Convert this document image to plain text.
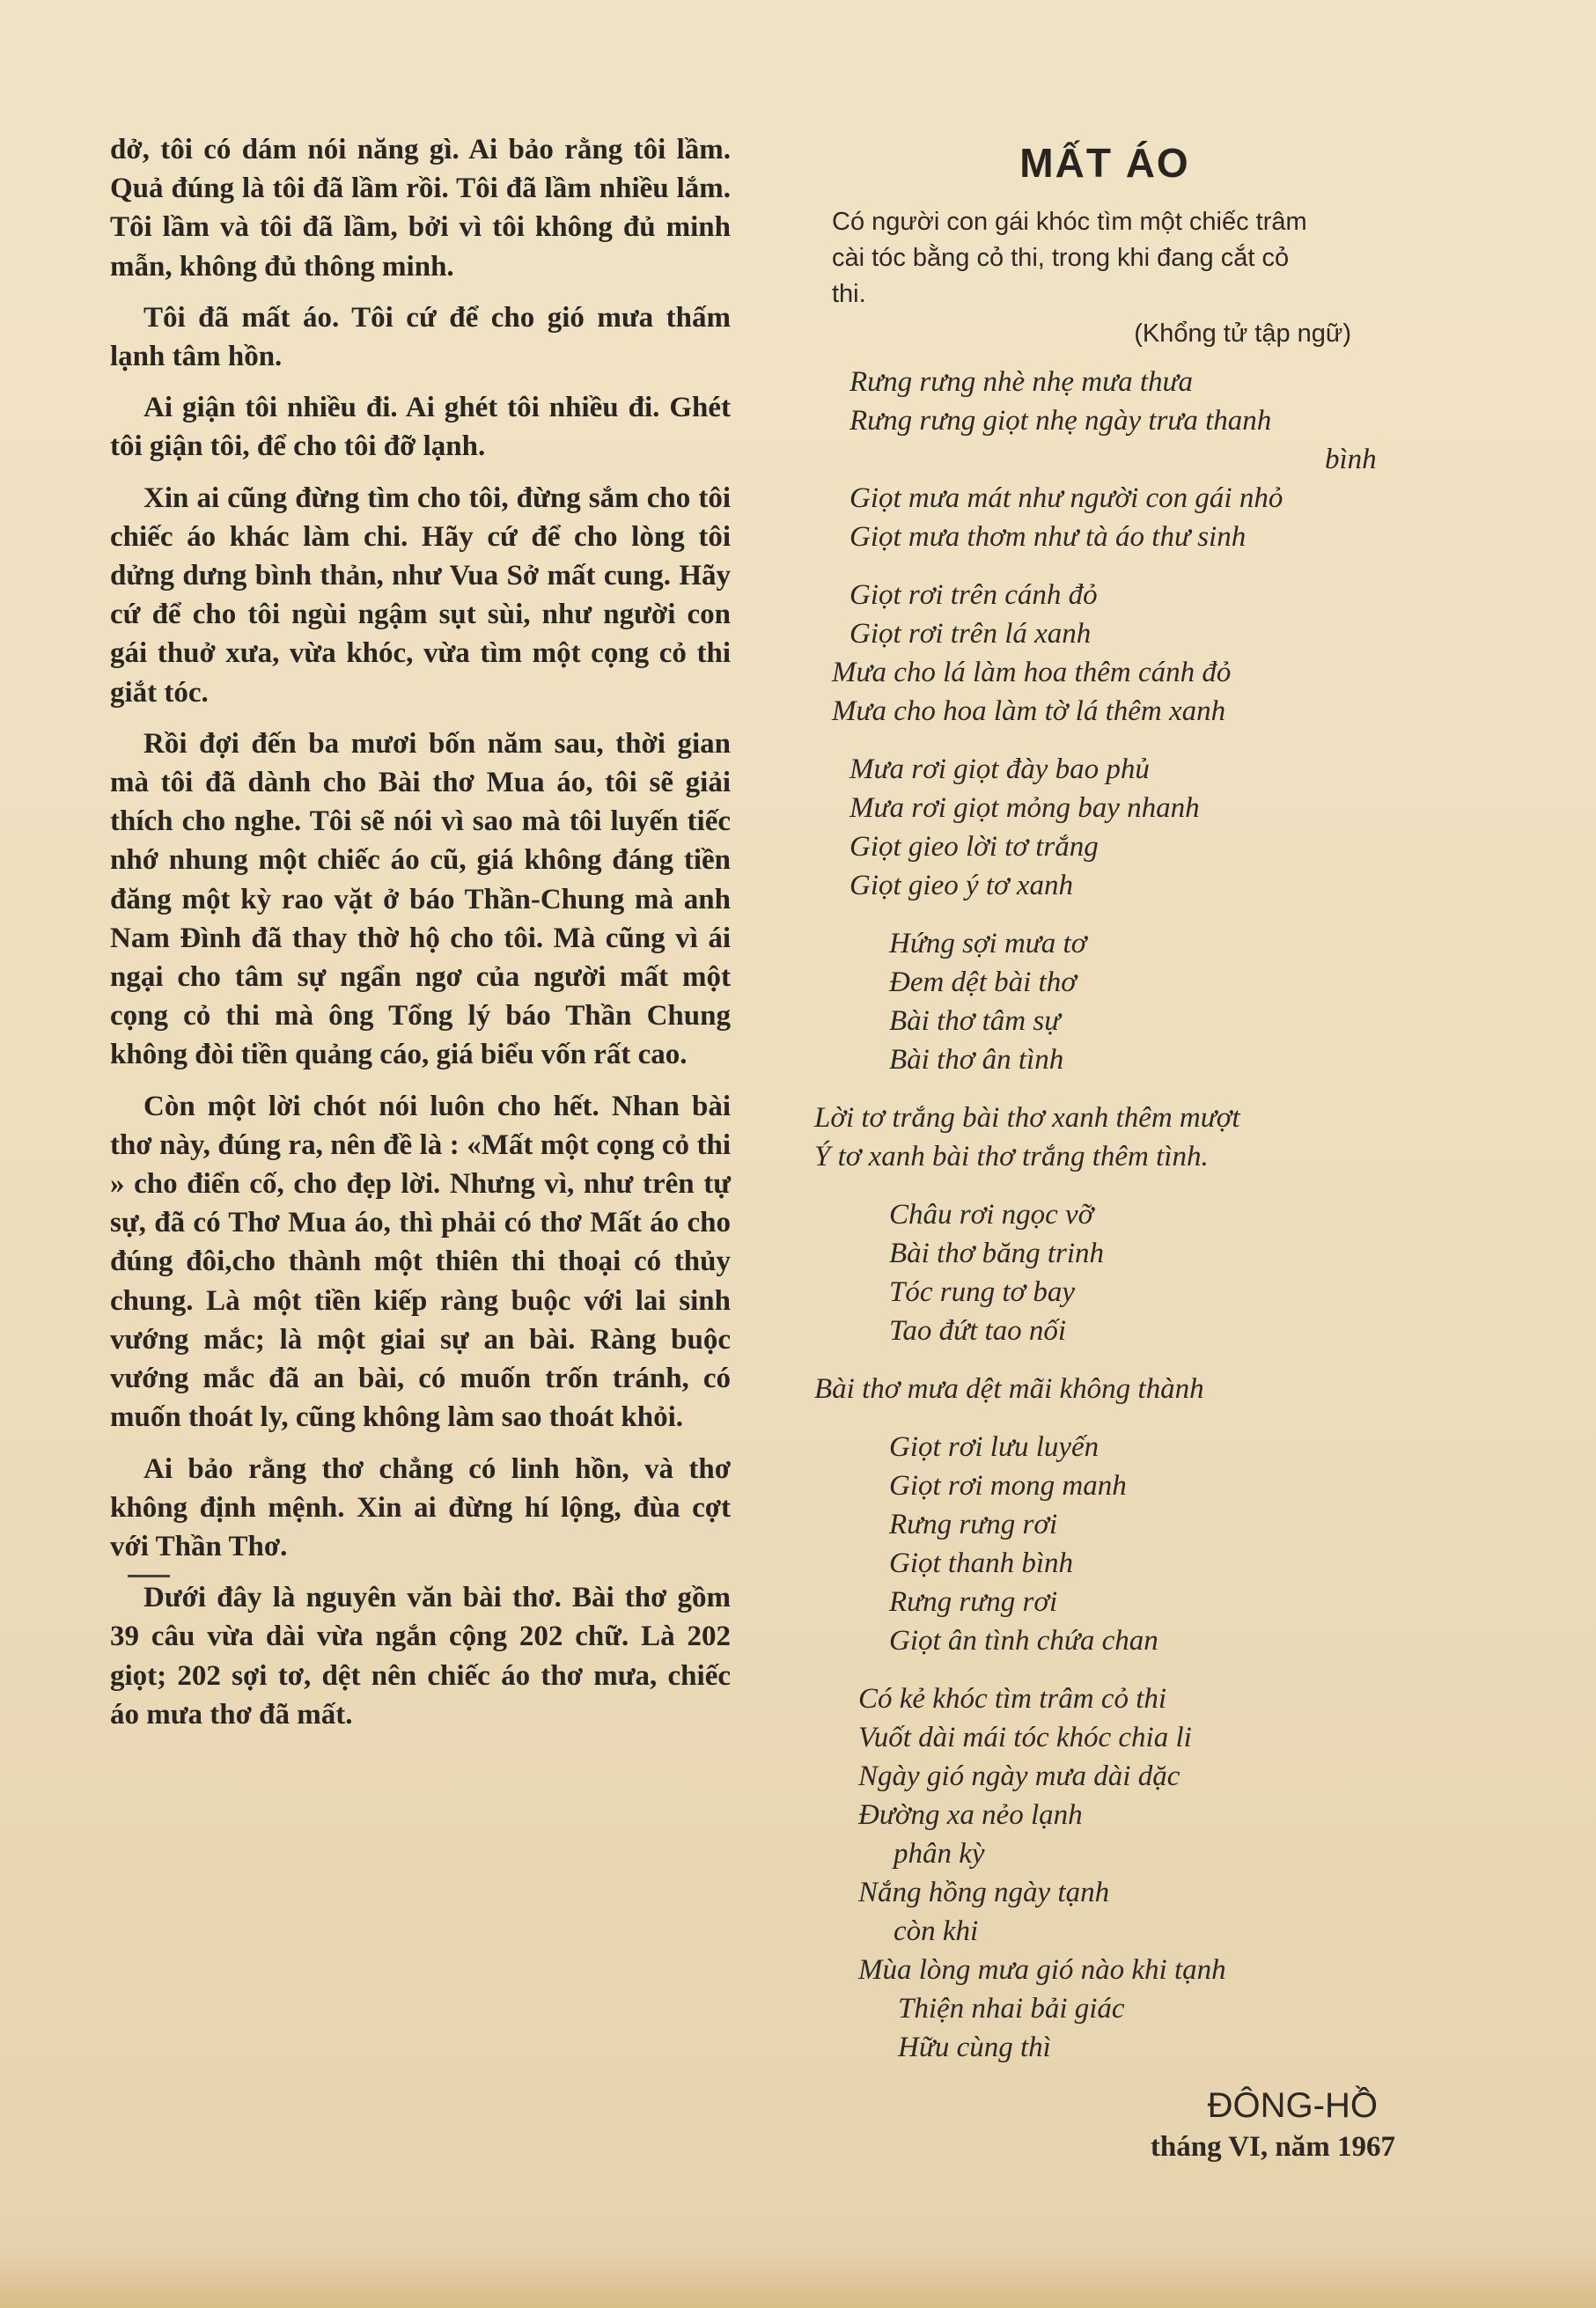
dở, tôi có dám nói năng gì. Ai bảo rằng tôi lầm. Quả đúng là tôi đã lầm rồi. Tôi đã lầm nhiều lắm. Tôi lầm và tôi đã lầm, bởi vì tôi không đủ minh mẫn, không đủ thông minh.

Tôi đã mất áo. Tôi cứ để cho gió mưa thấm lạnh tâm hồn.

Ai giận tôi nhiều đi. Ai ghét tôi nhiều đi. Ghét tôi giận tôi, để cho tôi đỡ lạnh.

Xin ai cũng đừng tìm cho tôi, đừng sắm cho tôi chiếc áo khác làm chi. Hãy cứ để cho lòng tôi dửng dưng bình thản, như Vua Sở mất cung. Hãy cứ để cho tôi ngùi ngậm sụt sùi, như người con gái thuở xưa, vừa khóc, vừa tìm một cọng cỏ thi giắt tóc.

Rồi đợi đến ba mươi bốn năm sau, thời gian mà tôi đã dành cho Bài thơ Mua áo, tôi sẽ giải thích cho nghe. Tôi sẽ nói vì sao mà tôi luyến tiếc nhớ nhung một chiếc áo cũ, giá không đáng tiền đăng một kỳ rao vặt ở báo Thần-Chung mà anh Nam Đình đã thay thờ hộ cho tôi. Mà cũng vì ái ngại cho tâm sự ngẩn ngơ của người mất một cọng cỏ thi mà ông Tổng lý báo Thần Chung không đòi tiền quảng cáo, giá biểu vốn rất cao.

Còn một lời chót nói luôn cho hết. Nhan bài thơ này, đúng ra, nên đề là : «Mất một cọng cỏ thi » cho điển cố, cho đẹp lời. Nhưng vì, như trên tự sự, đã có Thơ Mua áo, thì phải có thơ Mất áo cho đúng đôi,cho thành một thiên thi thoại có thủy chung. Là một tiền kiếp ràng buộc với lai sinh vướng mắc; là một giai sự an bài. Ràng buộc vướng mắc đã an bài, có muốn trốn tránh, có muốn thoát ly, cũng không làm sao thoát khỏi.

Ai bảo rằng thơ chẳng có linh hồn, và thơ không định mệnh. Xin ai đừng hí lộng, đùa cợt với Thần Thơ.

Dưới đây là nguyên văn bài thơ. Bài thơ gồm 39 câu vừa dài vừa ngắn cộng 202 chữ. Là 202 giọt; 202 sợi tơ, dệt nên chiếc áo thơ mưa, chiếc áo mưa thơ đã mất.

MẤT ÁO
Có người con gái khóc tìm một chiếc trâm cài tóc bằng cỏ thi, trong khi đang cắt cỏ thi.
(Khổng tử tập ngữ)
Rưng rưng nhè nhẹ mưa thưa
Rưng rưng giọt nhẹ ngày trưa thanh
bình
Giọt mưa mát như người con gái nhỏ
Giọt mưa thơm như tà áo thư sinh
Giọt rơi trên cánh đỏ
Giọt rơi trên lá xanh
Mưa cho lá làm hoa thêm cánh đỏ
Mưa cho hoa làm tờ lá thêm xanh
Mưa rơi giọt đày bao phủ
Mưa rơi giọt mỏng bay nhanh
Giọt gieo lời tơ trắng
Giọt gieo ý tơ xanh
Hứng sợi mưa tơ
Đem dệt bài thơ
Bài thơ tâm sự
Bài thơ ân tình
Lời tơ trắng bài thơ xanh thêm mượt
Ý tơ xanh bài thơ trắng thêm tình.
Châu rơi ngọc vỡ
Bài thơ băng trinh
Tóc rung tơ bay
Tao đứt tao nối
Bài thơ mưa dệt mãi không thành
Giọt rơi lưu luyến
Giọt rơi mong manh
Rưng rưng rơi
Giọt thanh bình
Rưng rưng rơi
Giọt ân tình chứa chan
Có kẻ khóc tìm trâm cỏ thi
Vuốt dài mái tóc khóc chia li
Ngày gió ngày mưa dài dặc
Đường xa nẻo lạnh
phân kỳ
Nắng hồng ngày tạnh
còn khi
Mùa lòng mưa gió nào khi tạnh
Thiện nhai bải giác
Hữu cùng thì
ĐÔNG-HỒ
tháng VI, năm 1967
